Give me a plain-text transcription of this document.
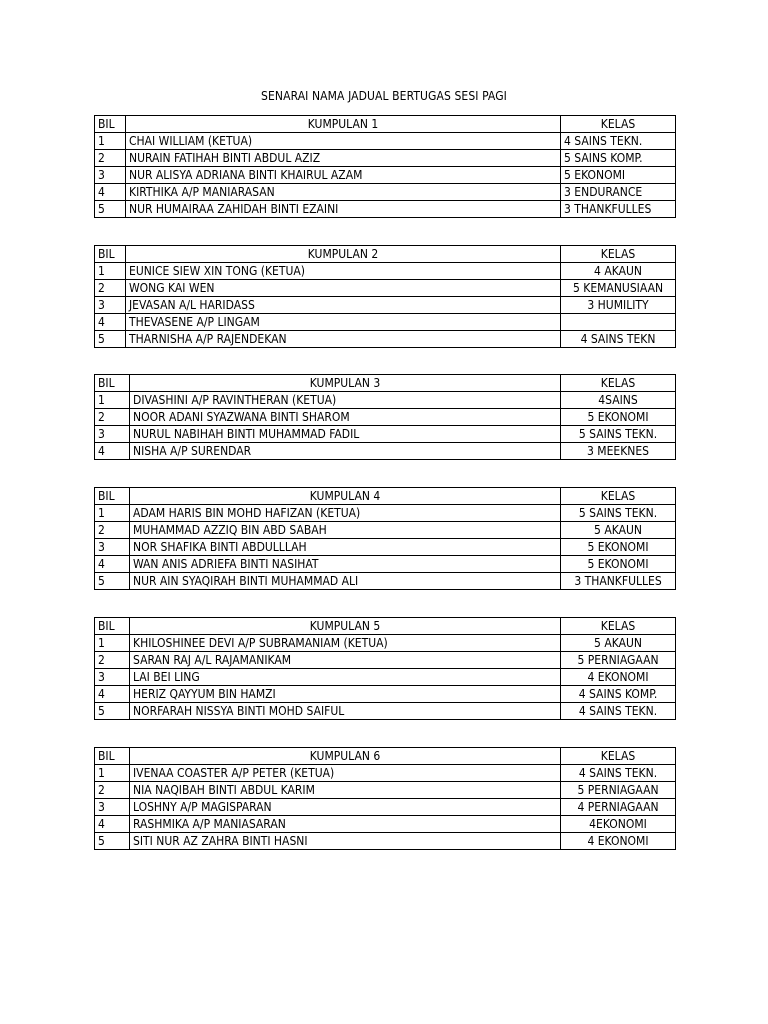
SENARAI NAMA JADUAL BERTUGAS SESI PAGI
BIL	KUMPULAN 1	KELAS
1	CHAI WILLIAM (KETUA)	4 SAINS TEKN.
2	NURAIN FATIHAH BINTI ABDUL AZIZ	5 SAINS KOMP.
3	NUR ALISYA ADRIANA BINTI KHAIRUL AZAM	5 EKONOMI
4	KIRTHIKA A/P MANIARASAN	3 ENDURANCE
5	NUR HUMAIRAA ZAHIDAH BINTI EZAINI	3 THANKFULLES
BIL	KUMPULAN 2	KELAS
1	EUNICE SIEW XIN TONG (KETUA)	4 AKAUN
2	WONG KAI WEN	5 KEMANUSIAAN
3	JEVASAN A/L HARIDASS	3 HUMILITY
4	THEVASENE A/P LINGAM	
5	THARNISHA A/P RAJENDEKAN	4 SAINS TEKN
BIL	KUMPULAN 3	KELAS
1	DIVASHINI A/P RAVINTHERAN (KETUA)	4SAINS
2	NOOR ADANI SYAZWANA BINTI SHAROM	5 EKONOMI
3	NURUL NABIHAH BINTI MUHAMMAD FADIL	5 SAINS TEKN.
4	NISHA A/P SURENDAR	3 MEEKNES
BIL	KUMPULAN 4	KELAS
1	ADAM HARIS BIN MOHD HAFIZAN (KETUA)	5 SAINS TEKN.
2	MUHAMMAD AZZIQ BIN ABD SABAH	5 AKAUN
3	NOR SHAFIKA BINTI ABDULLLAH	5 EKONOMI
4	WAN ANIS ADRIEFA BINTI NASIHAT	5 EKONOMI
5	NUR AIN SYAQIRAH BINTI MUHAMMAD ALI	3 THANKFULLES
BIL	KUMPULAN 5	KELAS
1	KHILOSHINEE DEVI A/P SUBRAMANIAM (KETUA)	5 AKAUN
2	SARAN RAJ A/L RAJAMANIKAM	5 PERNIAGAAN
3	LAI BEI LING	4 EKONOMI
4	HERIZ QAYYUM BIN HAMZI	4 SAINS KOMP.
5	NORFARAH NISSYA BINTI MOHD SAIFUL	4 SAINS TEKN.
BIL	KUMPULAN 6	KELAS
1	IVENAA COASTER A/P PETER (KETUA)	4 SAINS TEKN.
2	NIA NAQIBAH BINTI ABDUL KARIM	5 PERNIAGAAN
3	LOSHNY A/P MAGISPARAN	4 PERNIAGAAN
4	RASHMIKA A/P MANIASARAN	4EKONOMI
5	SITI NUR AZ ZAHRA BINTI HASNI	4 EKONOMI
